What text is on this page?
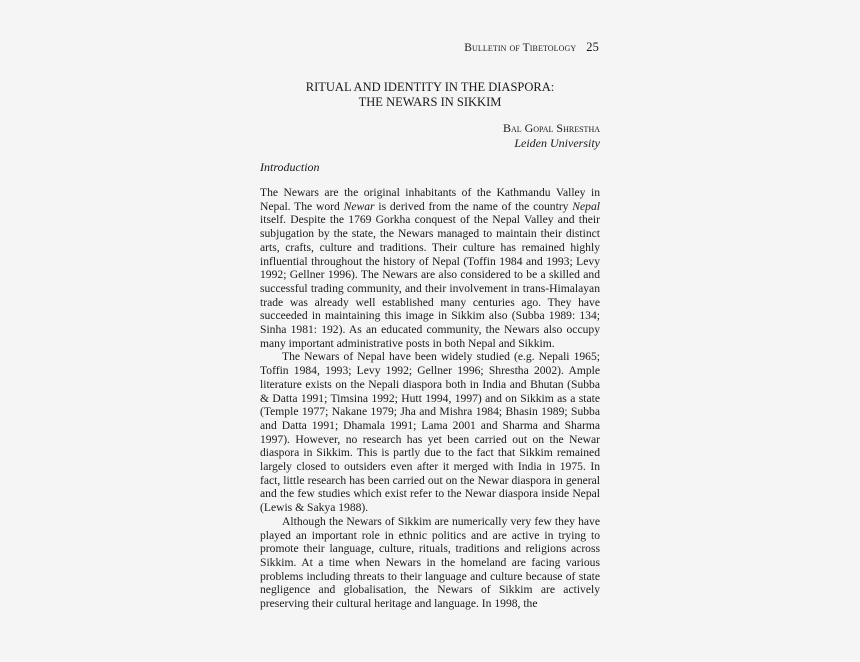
Bulletin of Tibetology 25
RITUAL AND IDENTITY IN THE DIASPORA:
THE NEWARS IN SIKKIM
Bal Gopal Shrestha
Leiden University
Introduction

The Newars are the original inhabitants of the Kathmandu Valley in Nepal. The word Newar is derived from the name of the country Nepal itself. Despite the 1769 Gorkha conquest of the Nepal Valley and their subjugation by the state, the Newars managed to maintain their distinct arts, crafts, culture and traditions. Their culture has remained highly influential throughout the history of Nepal (Toffin 1984 and 1993; Levy 1992; Gellner 1996). The Newars are also considered to be a skilled and successful trading community, and their involvement in trans-Himalayan trade was already well established many centuries ago. They have succeeded in maintaining this image in Sikkim also (Subba 1989: 134; Sinha 1981: 192). As an educated community, the Newars also occupy many important administrative posts in both Nepal and Sikkim.

The Newars of Nepal have been widely studied (e.g. Nepali 1965; Toffin 1984, 1993; Levy 1992; Gellner 1996; Shrestha 2002). Ample literature exists on the Nepali diaspora both in India and Bhutan (Subba & Datta 1991; Timsina 1992; Hutt 1994, 1997) and on Sikkim as a state (Temple 1977; Nakane 1979; Jha and Mishra 1984; Bhasin 1989; Subba and Datta 1991; Dhamala 1991; Lama 2001 and Sharma and Sharma 1997). However, no research has yet been carried out on the Newar diaspora in Sikkim. This is partly due to the fact that Sikkim remained largely closed to outsiders even after it merged with India in 1975. In fact, little research has been carried out on the Newar diaspora in general and the few studies which exist refer to the Newar diaspora inside Nepal (Lewis & Sakya 1988).

Although the Newars of Sikkim are numerically very few they have played an important role in ethnic politics and are active in trying to promote their language, culture, rituals, traditions and religions across Sikkim. At a time when Newars in the homeland are facing various problems including threats to their language and culture because of state negligence and globalisation, the Newars of Sikkim are actively preserving their cultural heritage and language. In 1998, the
